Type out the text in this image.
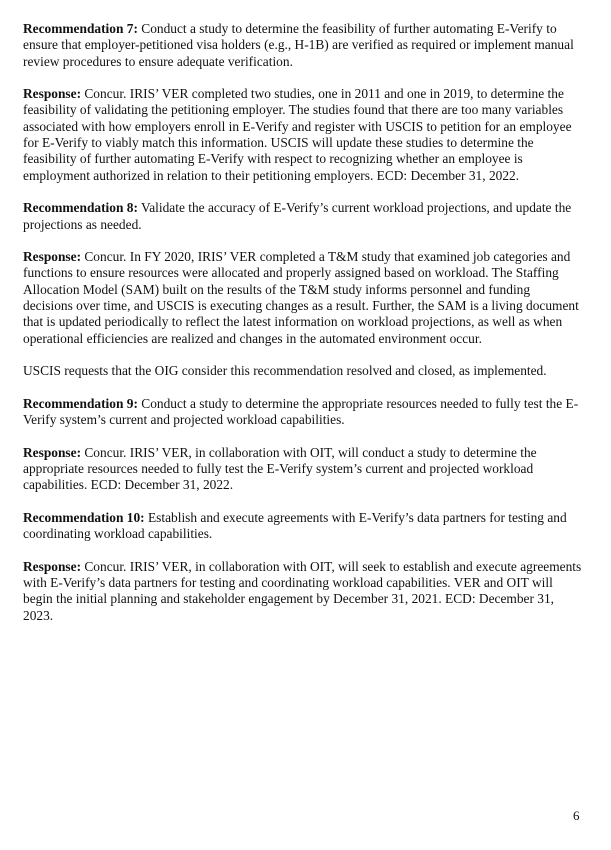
Recommendation 7: Conduct a study to determine the feasibility of further automating E-Verify to ensure that employer-petitioned visa holders (e.g., H-1B) are verified as required or implement manual review procedures to ensure adequate verification.

Response: Concur. IRIS’ VER completed two studies, one in 2011 and one in 2019, to determine the feasibility of validating the petitioning employer. The studies found that there are too many variables associated with how employers enroll in E-Verify and register with USCIS to petition for an employee for E-Verify to viably match this information. USCIS will update these studies to determine the feasibility of further automating E-Verify with respect to recognizing whether an employee is employment authorized in relation to their petitioning employers. ECD: December 31, 2022.

Recommendation 8: Validate the accuracy of E-Verify’s current workload projections, and update the projections as needed.

Response: Concur. In FY 2020, IRIS’ VER completed a T&M study that examined job categories and functions to ensure resources were allocated and properly assigned based on workload. The Staffing Allocation Model (SAM) built on the results of the T&M study informs personnel and funding decisions over time, and USCIS is executing changes as a result. Further, the SAM is a living document that is updated periodically to reflect the latest information on workload projections, as well as when operational efficiencies are realized and changes in the automated environment occur.

USCIS requests that the OIG consider this recommendation resolved and closed, as implemented.

Recommendation 9: Conduct a study to determine the appropriate resources needed to fully test the E-Verify system’s current and projected workload capabilities.

Response: Concur. IRIS’ VER, in collaboration with OIT, will conduct a study to determine the appropriate resources needed to fully test the E-Verify system’s current and projected workload capabilities. ECD: December 31, 2022.

Recommendation 10: Establish and execute agreements with E-Verify’s data partners for testing and coordinating workload capabilities.

Response: Concur. IRIS’ VER, in collaboration with OIT, will seek to establish and execute agreements with E-Verify’s data partners for testing and coordinating workload capabilities. VER and OIT will begin the initial planning and stakeholder engagement by December 31, 2021. ECD: December 31, 2023.

6
